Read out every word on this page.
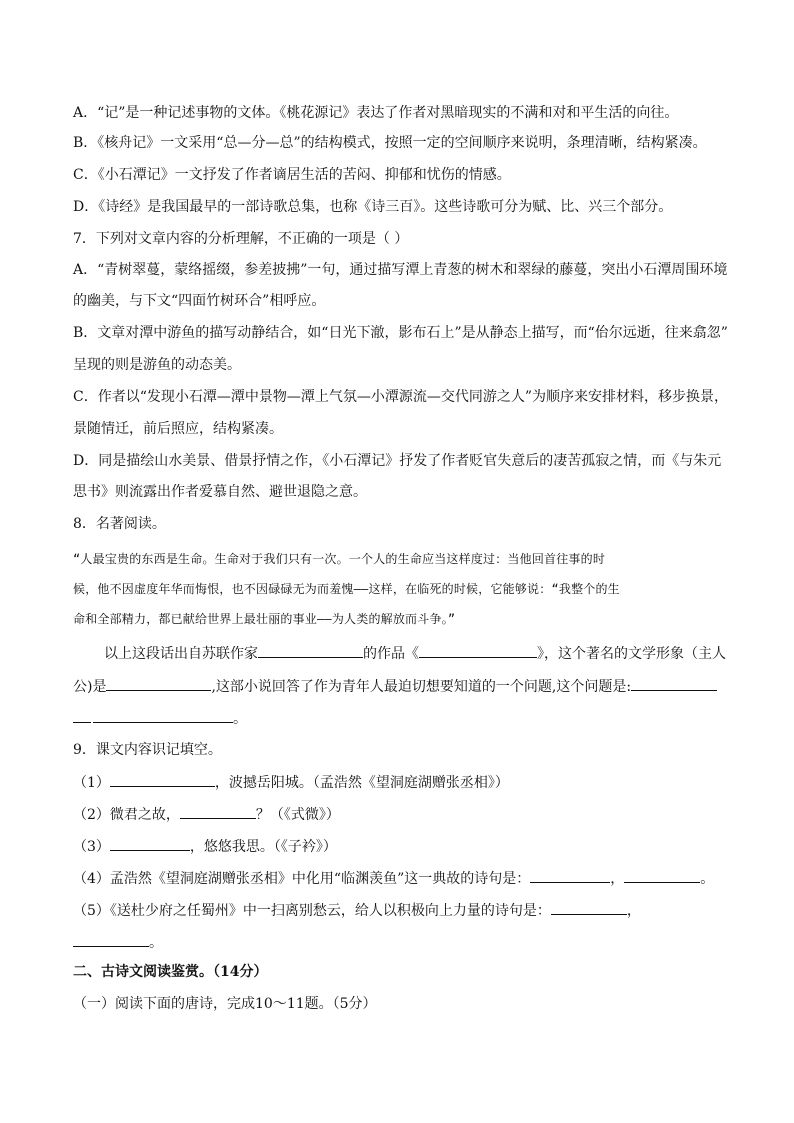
A．“记”是一种记述事物的文体。《桃花源记》表达了作者对黑暗现实的不满和对和平生活的向往。
B．《核舟记》一文采用“总—分—总”的结构模式，按照一定的空间顺序来说明，条理清晰，结构紧凑。
C．《小石潭记》一文抒发了作者谪居生活的苦闷、抑郁和忧伤的情感。
D．《诗经》是我国最早的一部诗歌总集，也称《诗三百》。这些诗歌可分为赋、比、兴三个部分。
7．下列对文章内容的分析理解，不正确的一项是（ ）
A．“青树翠蔓，蒙络摇缀，参差披拂”一句，通过描写潭上青葱的树木和翠绿的藤蔓，突出小石潭周围环境
的幽美，与下文“四面竹树环合”相呼应。
B．文章对潭中游鱼的描写动静结合，如“日光下澈，影布石上”是从静态上描写，而“佁尔远逝，往来翕忽”
呈现的则是游鱼的动态美。
C．作者以“发现小石潭—潭中景物—潭上气氛—小潭源流—交代同游之人”为顺序来安排材料，移步换景，
景随情迁，前后照应，结构紧凑。
D．同是描绘山水美景、借景抒情之作，《小石潭记》抒发了作者贬官失意后的凄苦孤寂之情，而《与朱元
思书》则流露出作者爱慕自然、避世退隐之意。
8．名著阅读。
“人最宝贵的东西是生命。生命对于我们只有一次。一个人的生命应当这样度过：当他回首往事的时
候，他不因虚度年华而悔恨，也不因碌碌无为而羞愧——这样，在临死的时候，它能够说：“我整个的生
命和全部精力，都已献给世界上最壮丽的事业——为人类的解放而斗争。”
以上这段话出自苏联作家	的作品《	》，这个著名的文学形象（主人
公)是	,这部小说回答了作为青年人最迫切想要知道的一个问题,这个问题是:
。
9．课文内容识记填空。
（1）	，波撼岳阳城。（孟浩然《望洞庭湖赠张丞相》）
（2）微君之故，	？（《式微》）
（3）	，悠悠我思。（《子衿》）
（4）孟浩然《望洞庭湖赠张丞相》中化用“临渊羡鱼”这一典故的诗句是：	，	。
（5）《送杜少府之任蜀州》中一扫离别愁云，给人以积极向上力量的诗句是：	，
。
二、古诗文阅读鉴赏。（14分）
（一）阅读下面的唐诗，完成10～11题。（5分）
